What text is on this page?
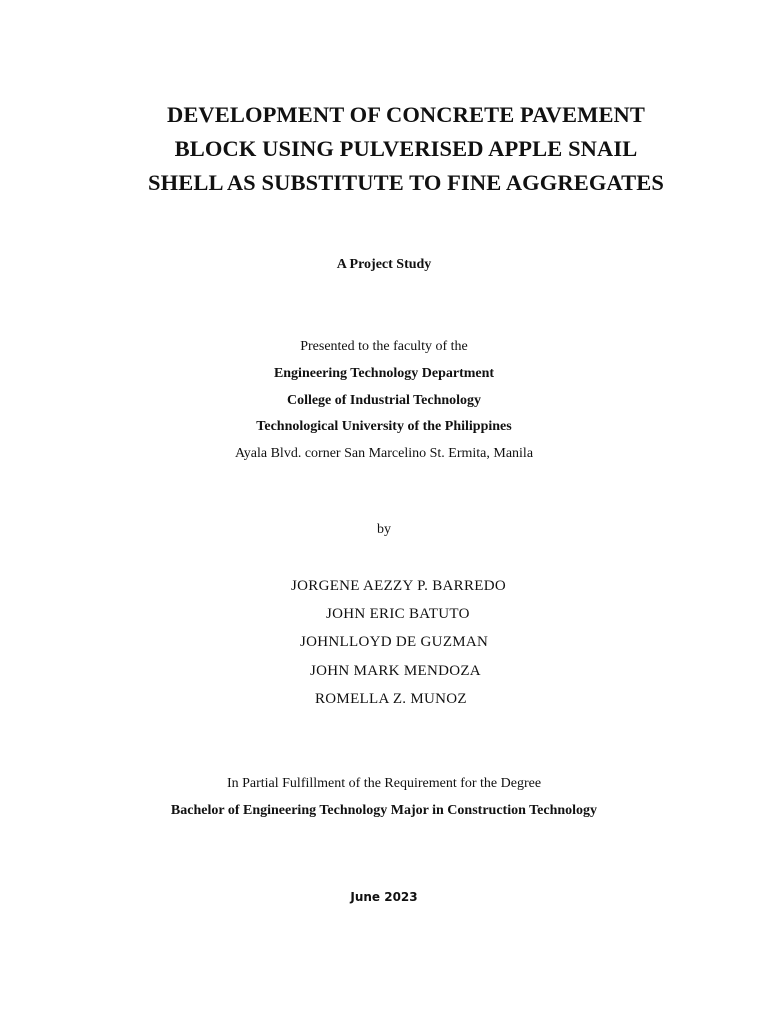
DEVELOPMENT OF CONCRETE PAVEMENT
BLOCK USING PULVERISED APPLE SNAIL
SHELL AS SUBSTITUTE TO FINE AGGREGATES
A Project Study
Presented to the faculty of the
Engineering Technology Department
College of Industrial Technology
Technological University of the Philippines
Ayala Blvd. corner San Marcelino St. Ermita, Manila
by
JORGENE AEZZY P. BARREDO
JOHN ERIC BATUTO
JOHNLLOYD DE GUZMAN
JOHN MARK MENDOZA
ROMELLA Z. MUNOZ
In Partial Fulfillment of the Requirement for the Degree
Bachelor of Engineering Technology Major in Construction Technology
June 2023
